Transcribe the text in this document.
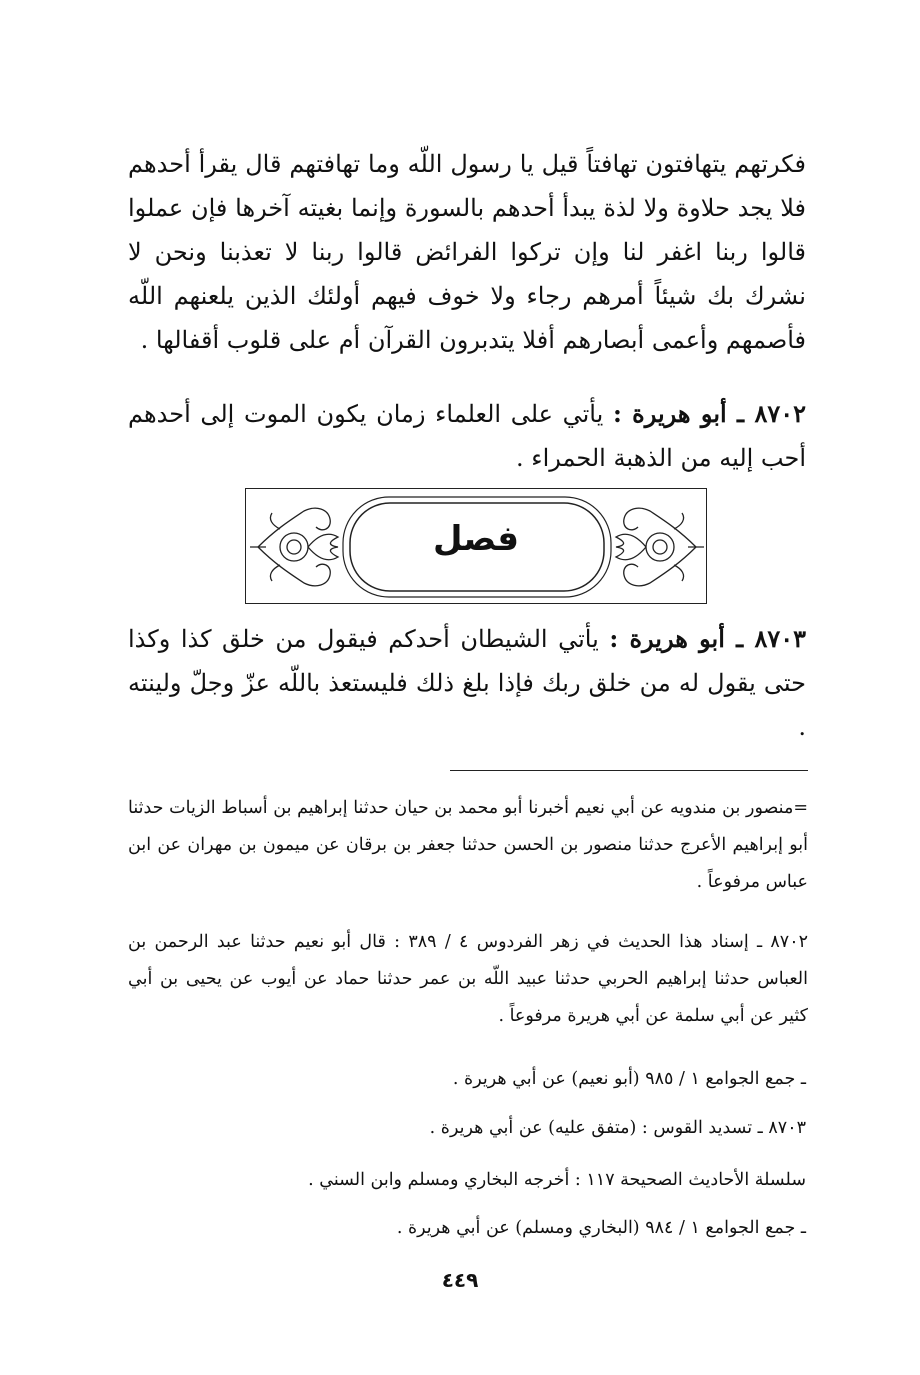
فكرتهم يتهافتون تهافتاً قيل يا رسول اللّه وما تهافتهم قال يقرأ أحدهم فلا يجد حلاوة ولا لذة يبدأ أحدهم بالسورة وإنما بغيته آخرها فإن عملوا قالوا ربنا اغفر لنا وإن تركوا الفرائض قالوا ربنا لا تعذبنا ونحن لا نشرك بك شيئاً أمرهم رجاء ولا خوف فيهم أولئك الذين يلعنهم اللّه فأصمهم وأعمى أبصارهم أفلا يتدبرون القرآن أم على قلوب أقفالها .

٨٧٠٢ ـ أبو هريرة : يأتي على العلماء زمان يكون الموت إلى أحدهم أحب إليه من الذهبة الحمراء .

فصل

٨٧٠٣ ـ أبو هريرة : يأتي الشيطان أحدكم فيقول من خلق كذا وكذا حتى يقول له من خلق ربك فإذا بلغ ذلك فليستعذ باللّه عزّ وجلّ ولينته .

=منصور بن مندويه عن أبي نعيم أخبرنا أبو محمد بن حيان حدثنا إبراهيم بن أسباط الزيات حدثنا أبو إبراهيم الأعرج حدثنا منصور بن الحسن حدثنا جعفر بن برقان عن ميمون بن مهران عن ابن عباس مرفوعاً .

٨٧٠٢ ـ إسناد هذا الحديث في زهر الفردوس ٤ / ٣٨٩ : قال أبو نعيم حدثنا عبد الرحمن بن العباس حدثنا إبراهيم الحربي حدثنا عبيد اللّه بن عمر حدثنا حماد عن أيوب عن يحيى بن أبي كثير عن أبي سلمة عن أبي هريرة مرفوعاً .

ـ جمع الجوامع ١ / ٩٨٥ (أبو نعيم) عن أبي هريرة .
٨٧٠٣ ـ تسديد القوس : (متفق عليه) عن أبي هريرة .
سلسلة الأحاديث الصحيحة ١١٧ : أخرجه البخاري ومسلم وابن السني .
ـ جمع الجوامع ١ / ٩٨٤ (البخاري ومسلم) عن أبي هريرة .
٤٤٩
